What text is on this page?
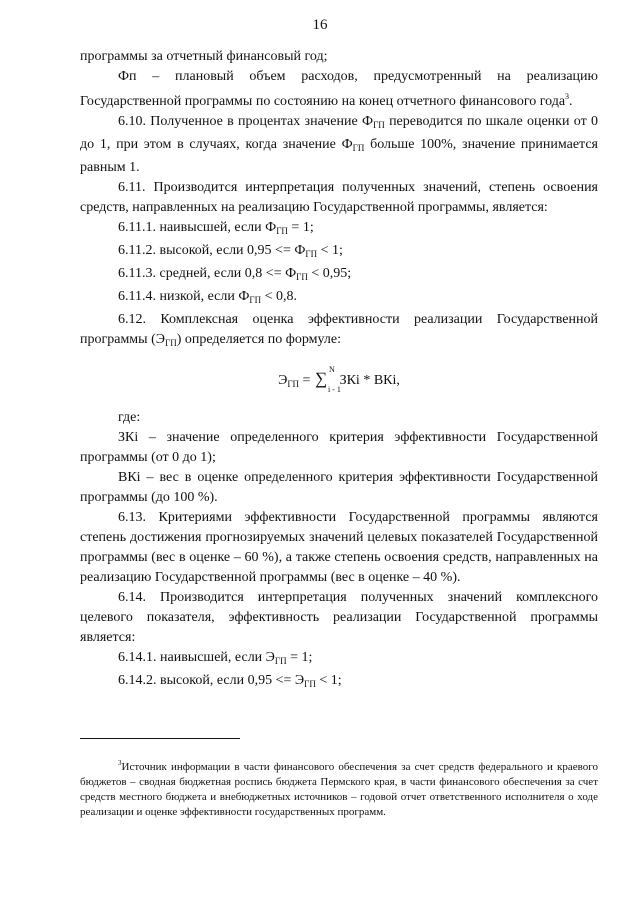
16

программы за отчетный финансовый год;

Фп – плановый объем расходов, предусмотренный на реализацию Государственной программы по состоянию на конец отчетного финансового года$^3$.

6.10. Полученное в процентах значение $Ф_{ГП}$ переводится по шкале оценки от 0 до 1, при этом в случаях, когда значение $Ф_{ГП}$ больше 100%, значение принимается равным 1.

6.11. Производится интерпретация полученных значений, степень освоения средств, направленных на реализацию Государственной программы, является:

6.11.1. наивысшей, если $Ф_{ГП} = 1$;

6.11.2. высокой, если $0,95 <= Ф_{ГП} < 1$;

6.11.3. средней, если $0,8 <= Ф_{ГП} < 0,95$;

6.11.4. низкой, если $Ф_{ГП} < 0,8$.

6.12. Комплексная оценка эффективности реализации Государственной программы $(Э_{ГП})$ определяется по формуле:

$Э_{ГП}$ = ∑ N
i - 1
ЗКi * ВКi,

где:

ЗКi – значение определенного критерия эффективности Государственной программы (от 0 до 1);

ВКi – вес в оценке определенного критерия эффективности Государственной программы (до 100 %).

6.13. Критериями эффективности Государственной программы являются степень достижения прогнозируемых значений целевых показателей Государственной программы (вес в оценке – 60 %), а также степень освоения средств, направленных на реализацию Государственной программы (вес в оценке – 40 %).

6.14. Производится интерпретация полученных значений комплексного целевого показателя, эффективность реализации Государственной программы является:

6.14.1. наивысшей, если $Э_{ГП} = 1$;

6.14.2. высокой, если $0,95 <= Э_{ГП} < 1$;

$^3$Источник информации в части финансового обеспечения за счет средств федерального и краевого бюджетов – сводная бюджетная роспись бюджета Пермского края, в части финансового обеспечения за счет средств местного бюджета и внебюджетных источников – годовой отчет ответственного исполнителя о ходе реализации и оценке эффективности государственных программ.
